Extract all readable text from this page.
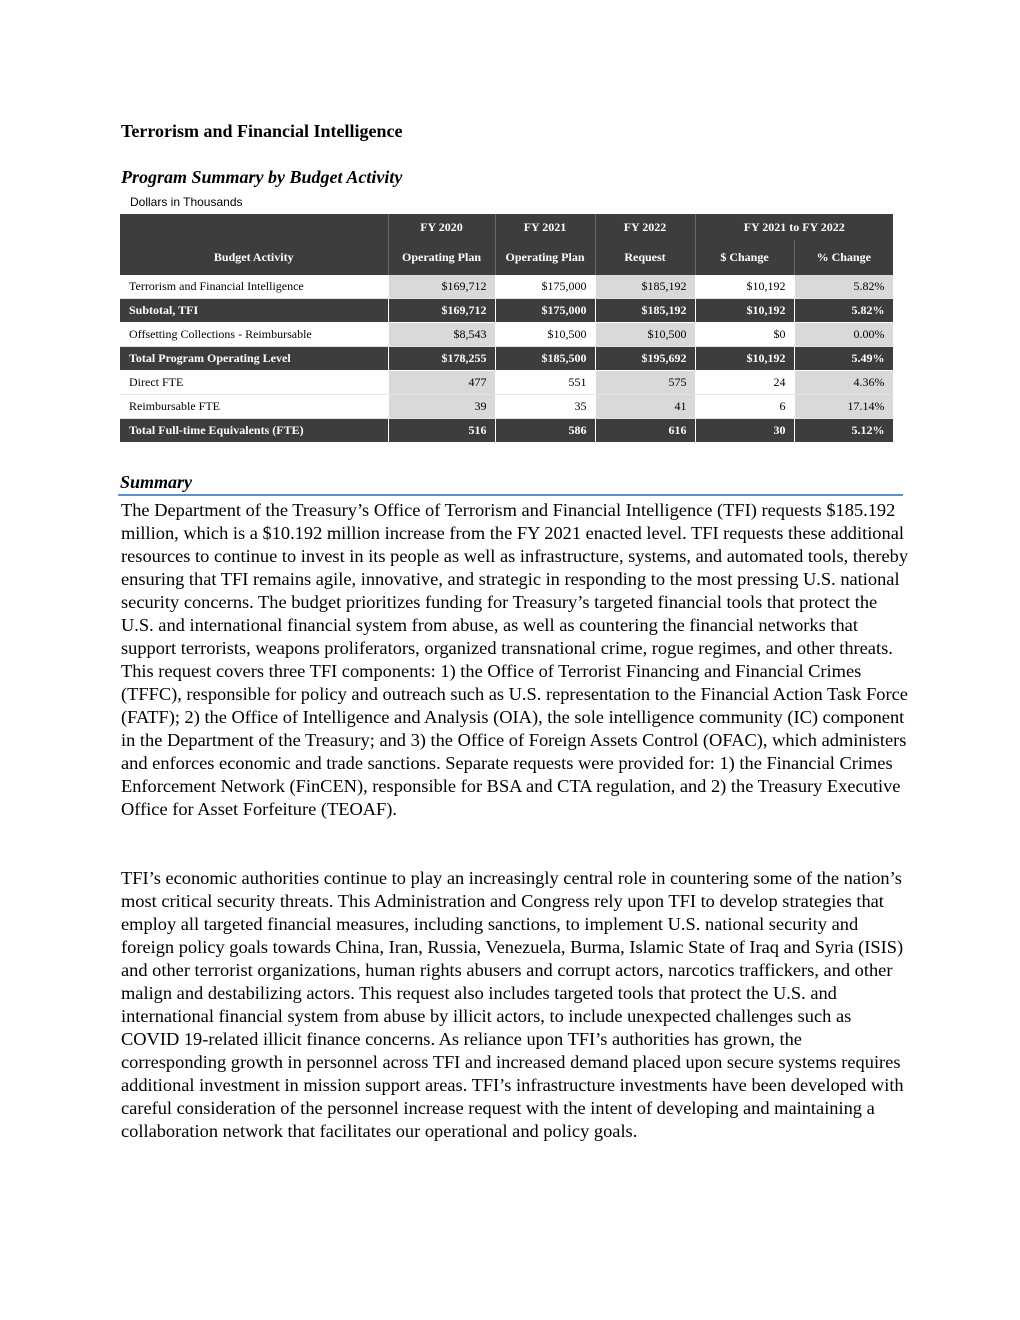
Terrorism and Financial Intelligence
Program Summary by Budget Activity
Dollars in Thousands
	FY 2020	FY 2021	FY 2022	FY 2021 to FY 2022	
Budget Activity	Operating Plan	Operating Plan	Request	$ Change	% Change
Terrorism and Financial Intelligence	$169,712	$175,000	$185,192	$10,192	5.82%
Subtotal, TFI	$169,712	$175,000	$185,192	$10,192	5.82%
Offsetting Collections - Reimbursable	$8,543	$10,500	$10,500	$0	0.00%
Total Program Operating Level	$178,255	$185,500	$195,692	$10,192	5.49%
Direct FTE	477	551	575	24	4.36%
Reimbursable FTE	39	35	41	6	17.14%
Total Full-time Equivalents (FTE)	516	586	616	30	5.12%
Summary

The Department of the Treasury’s Office of Terrorism and Financial Intelligence (TFI) requests $185.192 million, which is a $10.192 million increase from the FY 2021 enacted level. TFI requests these additional resources to continue to invest in its people as well as infrastructure, systems, and automated tools, thereby ensuring that TFI remains agile, innovative, and strategic in responding to the most pressing U.S. national security concerns. The budget prioritizes funding for Treasury’s targeted financial tools that protect the U.S. and international financial system from abuse, as well as countering the financial networks that support terrorists, weapons proliferators, organized transnational crime, rogue regimes, and other threats. This request covers three TFI components: 1) the Office of Terrorist Financing and Financial Crimes (TFFC), responsible for policy and outreach such as U.S. representation to the Financial Action Task Force (FATF); 2) the Office of Intelligence and Analysis (OIA), the sole intelligence community (IC) component in the Department of the Treasury; and 3) the Office of Foreign Assets Control (OFAC), which administers and enforces economic and trade sanctions. Separate requests were provided for: 1) the Financial Crimes Enforcement Network (FinCEN), responsible for BSA and CTA regulation, and 2) the Treasury Executive Office for Asset Forfeiture (TEOAF).

TFI’s economic authorities continue to play an increasingly central role in countering some of the nation’s most critical security threats. This Administration and Congress rely upon TFI to develop strategies that employ all targeted financial measures, including sanctions, to implement U.S. national security and foreign policy goals towards China, Iran, Russia, Venezuela, Burma, Islamic State of Iraq and Syria (ISIS) and other terrorist organizations, human rights abusers and corrupt actors, narcotics traffickers, and other malign and destabilizing actors. This request also includes targeted tools that protect the U.S. and international financial system from abuse by illicit actors, to include unexpected challenges such as COVID 19-related illicit finance concerns. As reliance upon TFI’s authorities has grown, the corresponding growth in personnel across TFI and increased demand placed upon secure systems requires additional investment in mission support areas. TFI’s infrastructure investments have been developed with careful consideration of the personnel increase request with the intent of developing and maintaining a collaboration network that facilitates our operational and policy goals.
